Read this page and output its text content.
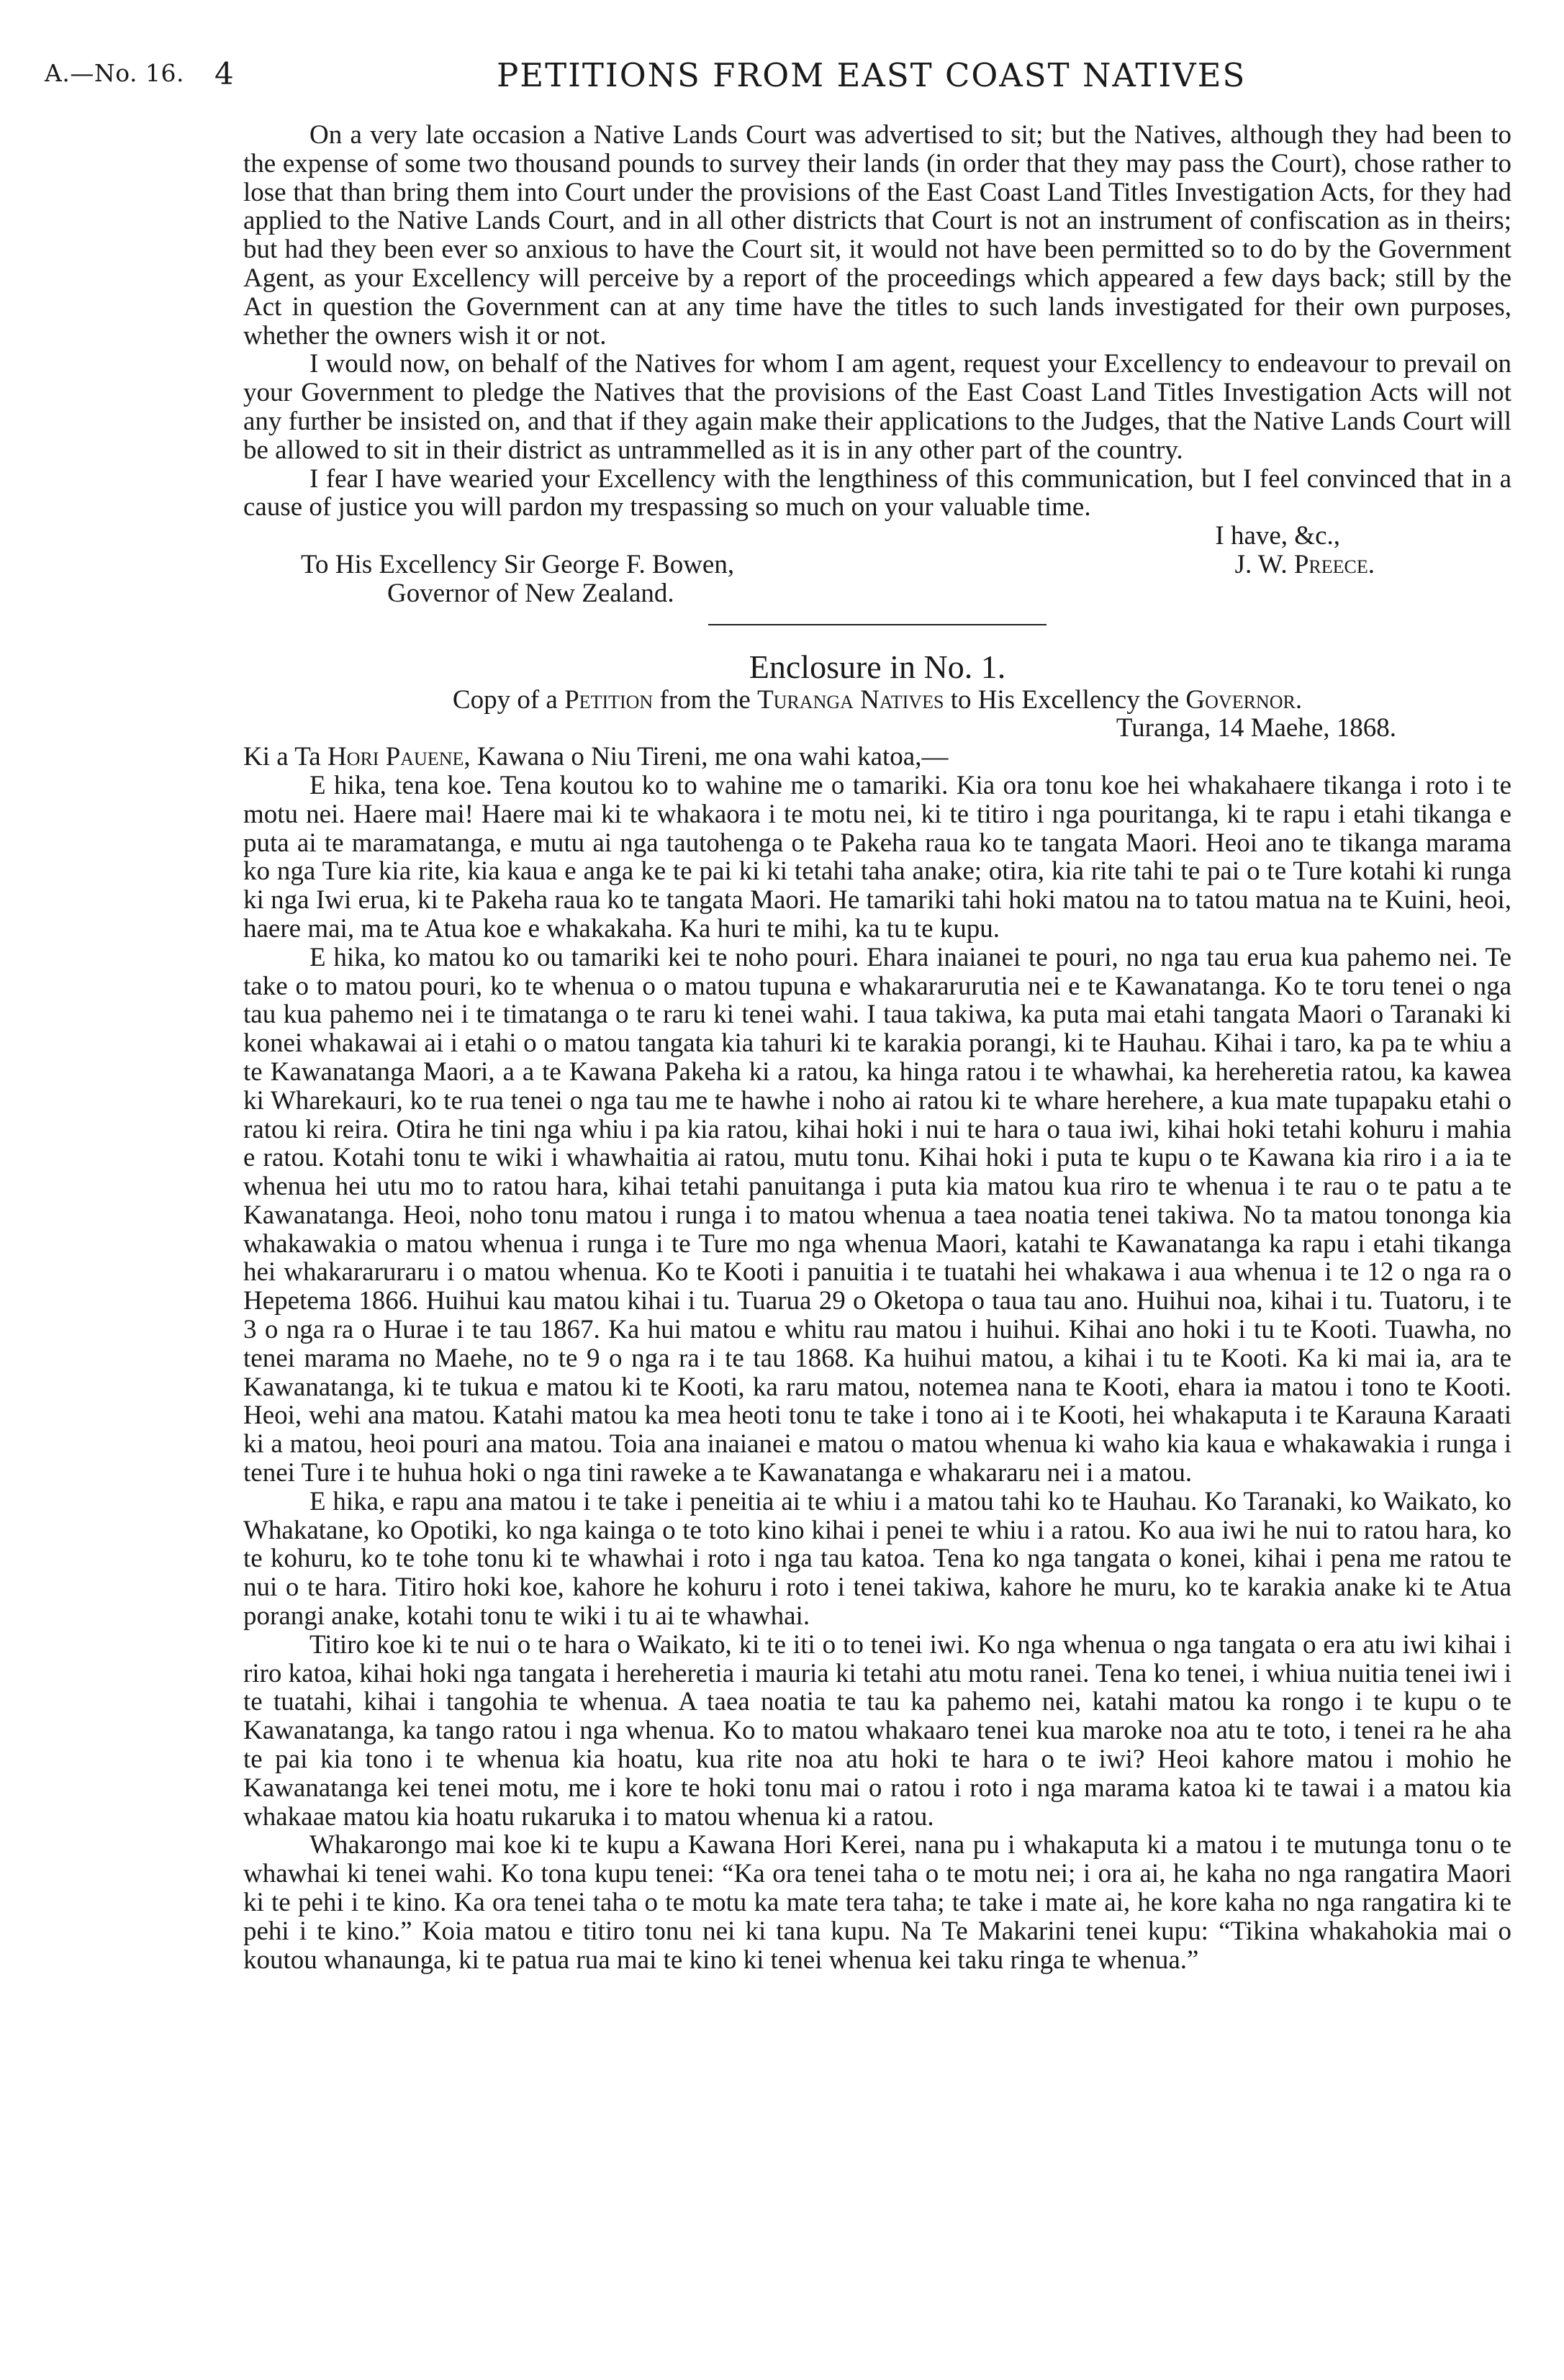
A.—No. 16. 4	PETITIONS FROM EAST COAST NATIVES

On a very late occasion a Native Lands Court was advertised to sit; but the Natives, although they had been to the expense of some two thousand pounds to survey their lands (in order that they may pass the Court), chose rather to lose that than bring them into Court under the provisions of the East Coast Land Titles Investigation Acts, for they had applied to the Native Lands Court, and in all other districts that Court is not an instrument of confiscation as in theirs; but had they been ever so anxious to have the Court sit, it would not have been permitted so to do by the Government Agent, as your Excellency will perceive by a report of the proceedings which appeared a few days back; still by the Act in question the Government can at any time have the titles to such lands investigated for their own purposes, whether the owners wish it or not.

I would now, on behalf of the Natives for whom I am agent, request your Excellency to endeavour to prevail on your Government to pledge the Natives that the provisions of the East Coast Land Titles Investigation Acts will not any further be insisted on, and that if they again make their applications to the Judges, that the Native Lands Court will be allowed to sit in their district as untrammelled as it is in any other part of the country.

I fear I have wearied your Excellency with the lengthiness of this communication, but I feel convinced that in a cause of justice you will pardon my trespassing so much on your valuable time.

I have, &c.,
To His Excellency Sir George F. Bowen,	J. W. Preece.
Governor of New Zealand.
Enclosure in No. 1.
Copy of a Petition from the Turanga Natives to His Excellency the Governor.
Turanga, 14 Maehe, 1868.

Ki a Ta Hori Pauene, Kawana o Niu Tireni, me ona wahi katoa,—

E hika, tena koe. Tena koutou ko to wahine me o tamariki. Kia ora tonu koe hei whakahaere tikanga i roto i te motu nei. Haere mai! Haere mai ki te whakaora i te motu nei, ki te titiro i nga pouritanga, ki te rapu i etahi tikanga e puta ai te maramatanga, e mutu ai nga tautohenga o te Pakeha raua ko te tangata Maori. Heoi ano te tikanga marama ko nga Ture kia rite, kia kaua e anga ke te pai ki ki tetahi taha anake; otira, kia rite tahi te pai o te Ture kotahi ki runga ki nga Iwi erua, ki te Pakeha raua ko te tangata Maori. He tamariki tahi hoki matou na to tatou matua na te Kuini, heoi, haere mai, ma te Atua koe e whakakaha. Ka huri te mihi, ka tu te kupu.

E hika, ko matou ko ou tamariki kei te noho pouri. Ehara inaianei te pouri, no nga tau erua kua pahemo nei. Te take o to matou pouri, ko te whenua o o matou tupuna e whakararurutia nei e te Kawanatanga. Ko te toru tenei o nga tau kua pahemo nei i te timatanga o te raru ki tenei wahi. I taua takiwa, ka puta mai etahi tangata Maori o Taranaki ki konei whakawai ai i etahi o o matou tangata kia tahuri ki te karakia porangi, ki te Hauhau. Kihai i taro, ka pa te whiu a te Kawanatanga Maori, a a te Kawana Pakeha ki a ratou, ka hinga ratou i te whawhai, ka hereheretia ratou, ka kawea ki Wharekauri, ko te rua tenei o nga tau me te hawhe i noho ai ratou ki te whare herehere, a kua mate tupapaku etahi o ratou ki reira. Otira he tini nga whiu i pa kia ratou, kihai hoki i nui te hara o taua iwi, kihai hoki tetahi kohuru i mahia e ratou. Kotahi tonu te wiki i whawhaitia ai ratou, mutu tonu. Kihai hoki i puta te kupu o te Kawana kia riro i a ia te whenua hei utu mo to ratou hara, kihai tetahi panuitanga i puta kia matou kua riro te whenua i te rau o te patu a te Kawanatanga. Heoi, noho tonu matou i runga i to matou whenua a taea noatia tenei takiwa. No ta matou tononga kia whakawakia o matou whenua i runga i te Ture mo nga whenua Maori, katahi te Kawanatanga ka rapu i etahi tikanga hei whakararuraru i o matou whenua. Ko te Kooti i panuitia i te tuatahi hei whakawa i aua whenua i te 12 o nga ra o Hepetema 1866. Huihui kau matou kihai i tu. Tuarua 29 o Oketopa o taua tau ano. Huihui noa, kihai i tu. Tuatoru, i te 3 o nga ra o Hurae i te tau 1867. Ka hui matou e whitu rau matou i huihui. Kihai ano hoki i tu te Kooti. Tuawha, no tenei marama no Maehe, no te 9 o nga ra i te tau 1868. Ka huihui matou, a kihai i tu te Kooti. Ka ki mai ia, ara te Kawanatanga, ki te tukua e matou ki te Kooti, ka raru matou, notemea nana te Kooti, ehara ia matou i tono te Kooti. Heoi, wehi ana matou. Katahi matou ka mea heoti tonu te take i tono ai i te Kooti, hei whakaputa i te Karauna Karaati ki a matou, heoi pouri ana matou. Toia ana inaianei e matou o matou whenua ki waho kia kaua e whakawakia i runga i tenei Ture i te huhua hoki o nga tini raweke a te Kawanatanga e whakararu nei i a matou.

E hika, e rapu ana matou i te take i peneitia ai te whiu i a matou tahi ko te Hauhau. Ko Taranaki, ko Waikato, ko Whakatane, ko Opotiki, ko nga kainga o te toto kino kihai i penei te whiu i a ratou. Ko aua iwi he nui to ratou hara, ko te kohuru, ko te tohe tonu ki te whawhai i roto i nga tau katoa. Tena ko nga tangata o konei, kihai i pena me ratou te nui o te hara. Titiro hoki koe, kahore he kohuru i roto i tenei takiwa, kahore he muru, ko te karakia anake ki te Atua porangi anake, kotahi tonu te wiki i tu ai te whawhai.

Titiro koe ki te nui o te hara o Waikato, ki te iti o to tenei iwi. Ko nga whenua o nga tangata o era atu iwi kihai i riro katoa, kihai hoki nga tangata i hereheretia i mauria ki tetahi atu motu ranei. Tena ko tenei, i whiua nuitia tenei iwi i te tuatahi, kihai i tangohia te whenua. A taea noatia te tau ka pahemo nei, katahi matou ka rongo i te kupu o te Kawanatanga, ka tango ratou i nga whenua. Ko to matou whakaaro tenei kua maroke noa atu te toto, i tenei ra he aha te pai kia tono i te whenua kia hoatu, kua rite noa atu hoki te hara o te iwi? Heoi kahore matou i mohio he Kawanatanga kei tenei motu, me i kore te hoki tonu mai o ratou i roto i nga marama katoa ki te tawai i a matou kia whakaae matou kia hoatu rukaruka i to matou whenua ki a ratou.

Whakarongo mai koe ki te kupu a Kawana Hori Kerei, nana pu i whakaputa ki a matou i te mutunga tonu o te whawhai ki tenei wahi. Ko tona kupu tenei: “Ka ora tenei taha o te motu nei; i ora ai, he kaha no nga rangatira Maori ki te pehi i te kino. Ka ora tenei taha o te motu ka mate tera taha; te take i mate ai, he kore kaha no nga rangatira ki te pehi i te kino.” Koia matou e titiro tonu nei ki tana kupu. Na Te Makarini tenei kupu: “Tikina whakahokia mai o koutou whanaunga, ki te patua rua mai te kino ki tenei whenua kei taku ringa te whenua.”
